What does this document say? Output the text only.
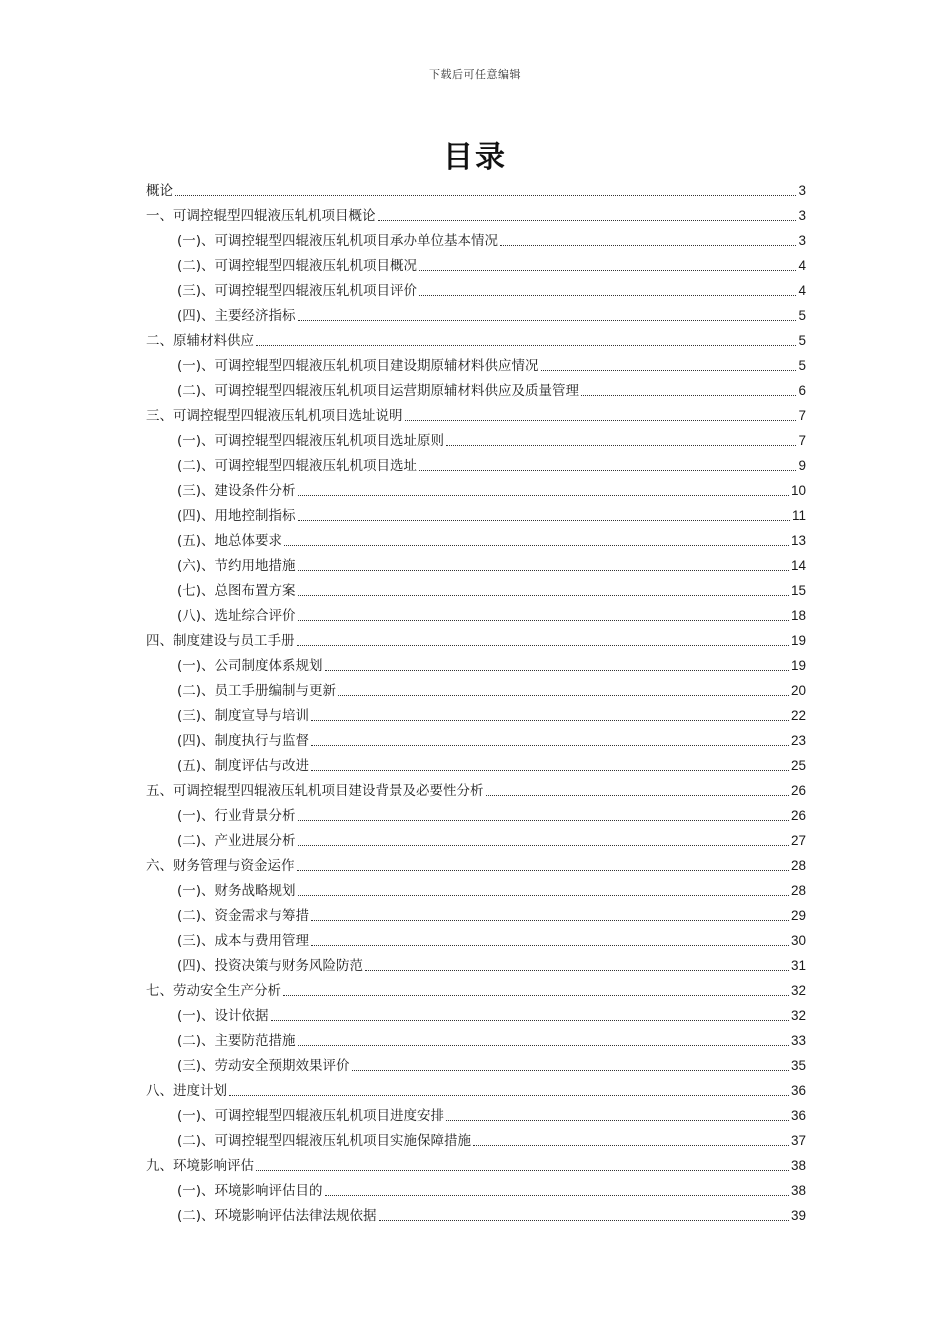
下载后可任意编辑
目录
概论	3
一、可调控辊型四辊液压轧机项目概论	3
(一)、可调控辊型四辊液压轧机项目承办单位基本情况	3
(二)、可调控辊型四辊液压轧机项目概况	4
(三)、可调控辊型四辊液压轧机项目评价	4
(四)、主要经济指标	5
二、原辅材料供应	5
(一)、可调控辊型四辊液压轧机项目建设期原辅材料供应情况	5
(二)、可调控辊型四辊液压轧机项目运营期原辅材料供应及质量管理	6
三、可调控辊型四辊液压轧机项目选址说明	7
(一)、可调控辊型四辊液压轧机项目选址原则	7
(二)、可调控辊型四辊液压轧机项目选址	9
(三)、建设条件分析	10
(四)、用地控制指标	11
(五)、地总体要求	13
(六)、节约用地措施	14
(七)、总图布置方案	15
(八)、选址综合评价	18
四、制度建设与员工手册	19
(一)、公司制度体系规划	19
(二)、员工手册编制与更新	20
(三)、制度宣导与培训	22
(四)、制度执行与监督	23
(五)、制度评估与改进	25
五、可调控辊型四辊液压轧机项目建设背景及必要性分析	26
(一)、行业背景分析	26
(二)、产业进展分析	27
六、财务管理与资金运作	28
(一)、财务战略规划	28
(二)、资金需求与筹措	29
(三)、成本与费用管理	30
(四)、投资决策与财务风险防范	31
七、劳动安全生产分析	32
(一)、设计依据	32
(二)、主要防范措施	33
(三)、劳动安全预期效果评价	35
八、进度计划	36
(一)、可调控辊型四辊液压轧机项目进度安排	36
(二)、可调控辊型四辊液压轧机项目实施保障措施	37
九、环境影响评估	38
(一)、环境影响评估目的	38
(二)、环境影响评估法律法规依据	39
